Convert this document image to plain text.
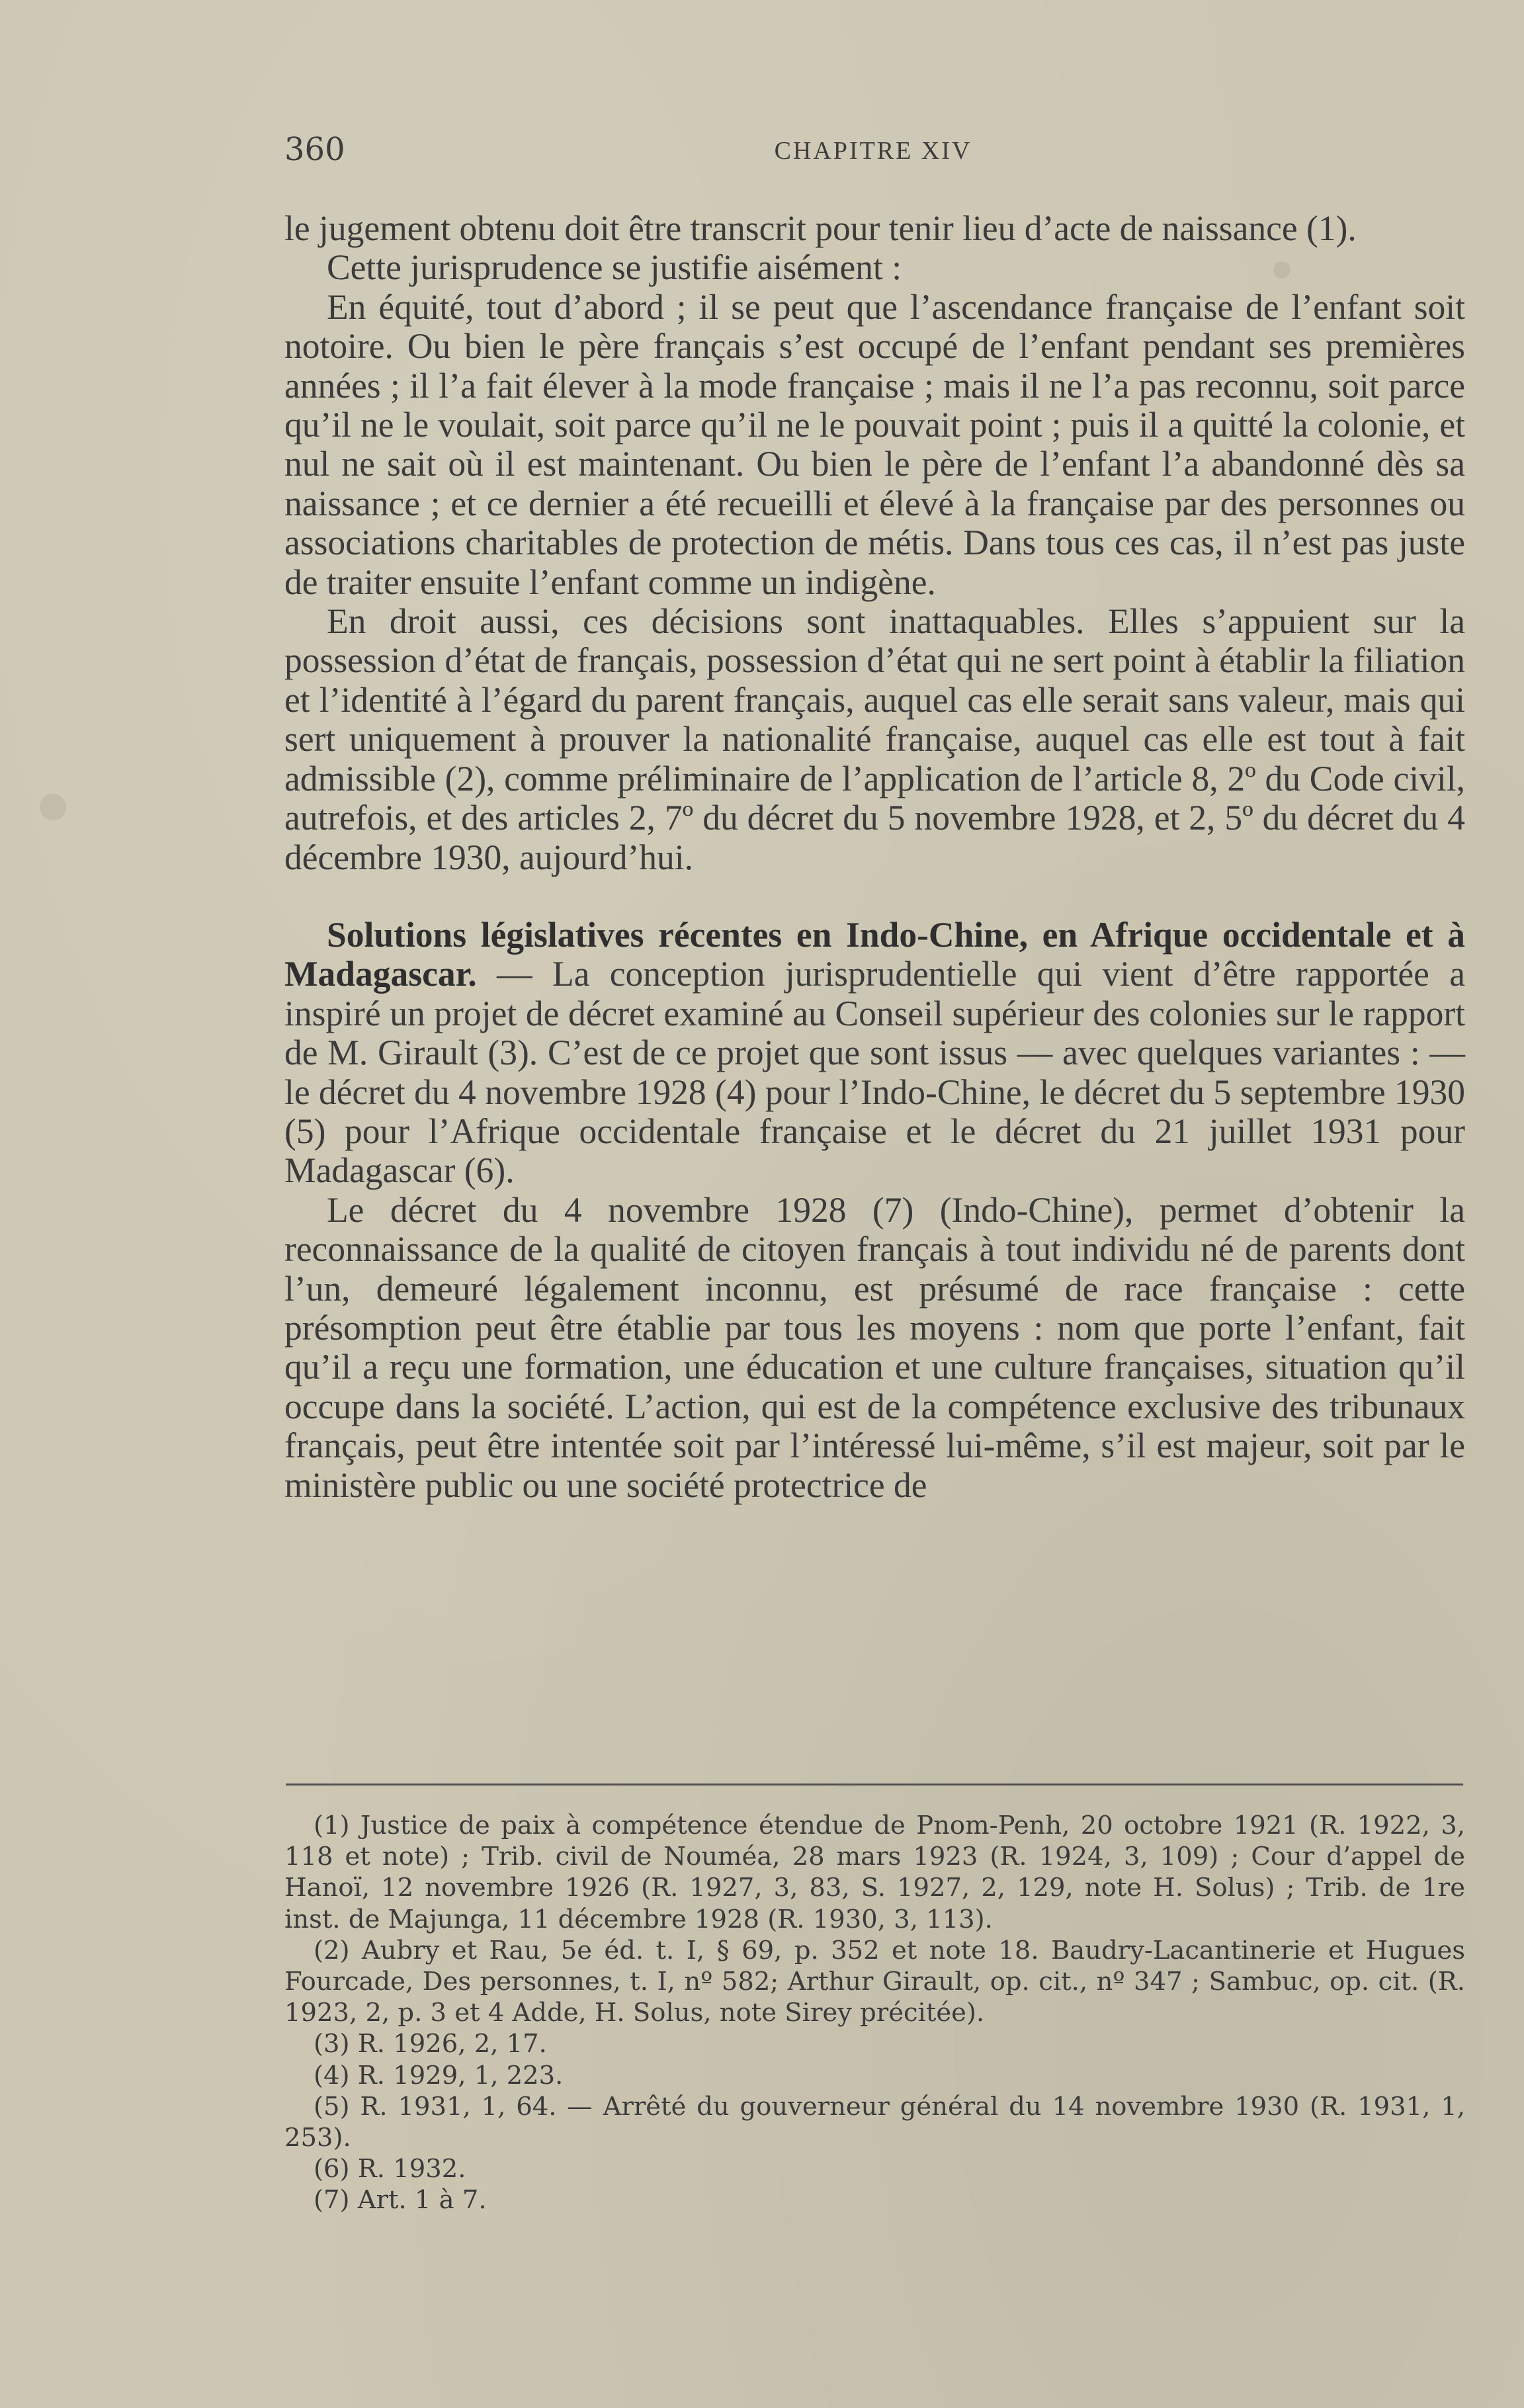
360	CHAPITRE XIV

le jugement obtenu doit être transcrit pour tenir lieu d’acte de naissance (1).

Cette jurisprudence se justifie aisément :

En équité, tout d’abord ; il se peut que l’ascendance française de l’enfant soit notoire. Ou bien le père français s’est occupé de l’enfant pendant ses premières années ; il l’a fait élever à la mode française ; mais il ne l’a pas reconnu, soit parce qu’il ne le voulait, soit parce qu’il ne le pouvait point ; puis il a quitté la colonie, et nul ne sait où il est maintenant. Ou bien le père de l’enfant l’a abandonné dès sa naissance ; et ce dernier a été recueilli et élevé à la française par des personnes ou associations charitables de protection de métis. Dans tous ces cas, il n’est pas juste de traiter ensuite l’enfant comme un indigène.

En droit aussi, ces décisions sont inattaquables. Elles s’appuient sur la possession d’état de français, possession d’état qui ne sert point à établir la filiation et l’identité à l’égard du parent français, auquel cas elle serait sans valeur, mais qui sert uniquement à prouver la nationalité française, auquel cas elle est tout à fait admissible (2), comme préliminaire de l’application de l’article 8, 2º du Code civil, autrefois, et des articles 2, 7º du décret du 5 novembre 1928, et 2, 5º du décret du 4 décembre 1930, aujourd’hui.

Solutions législatives récentes en Indo-Chine, en Afrique occidentale et à Madagascar. — La conception jurisprudentielle qui vient d’être rapportée a inspiré un projet de décret examiné au Conseil supérieur des colonies sur le rapport de M. Girault (3). C’est de ce projet que sont issus — avec quelques variantes : — le décret du 4 novembre 1928 (4) pour l’Indo-Chine, le décret du 5 septembre 1930 (5) pour l’Afrique occidentale française et le décret du 21 juillet 1931 pour Madagascar (6).

Le décret du 4 novembre 1928 (7) (Indo-Chine), permet d’obtenir la reconnaissance de la qualité de citoyen français à tout individu né de parents dont l’un, demeuré légalement inconnu, est présumé de race française : cette présomption peut être établie par tous les moyens : nom que porte l’enfant, fait qu’il a reçu une formation, une éducation et une culture françaises, situation qu’il occupe dans la société. L’action, qui est de la compétence exclusive des tribunaux français, peut être intentée soit par l’intéressé lui-même, s’il est majeur, soit par le ministère public ou une société protectrice de

(1) Justice de paix à compétence étendue de Pnom-Penh, 20 octobre 1921 (R. 1922, 3, 118 et note) ; Trib. civil de Nouméa, 28 mars 1923 (R. 1924, 3, 109) ; Cour d’appel de Hanoï, 12 novembre 1926 (R. 1927, 3, 83, S. 1927, 2, 129, note H. Solus) ; Trib. de 1re inst. de Majunga, 11 décembre 1928 (R. 1930, 3, 113).

(2) Aubry et Rau, 5e éd. t. I, § 69, p. 352 et note 18. Baudry-Lacantinerie et Hugues Fourcade, Des personnes, t. I, nº 582; Arthur Girault, op. cit., nº 347 ; Sambuc, op. cit. (R. 1923, 2, p. 3 et 4 Adde, H. Solus, note Sirey précitée).

(3) R. 1926, 2, 17.

(4) R. 1929, 1, 223.

(5) R. 1931, 1, 64. — Arrêté du gouverneur général du 14 novembre 1930 (R. 1931, 1, 253).

(6) R. 1932.

(7) Art. 1 à 7.
